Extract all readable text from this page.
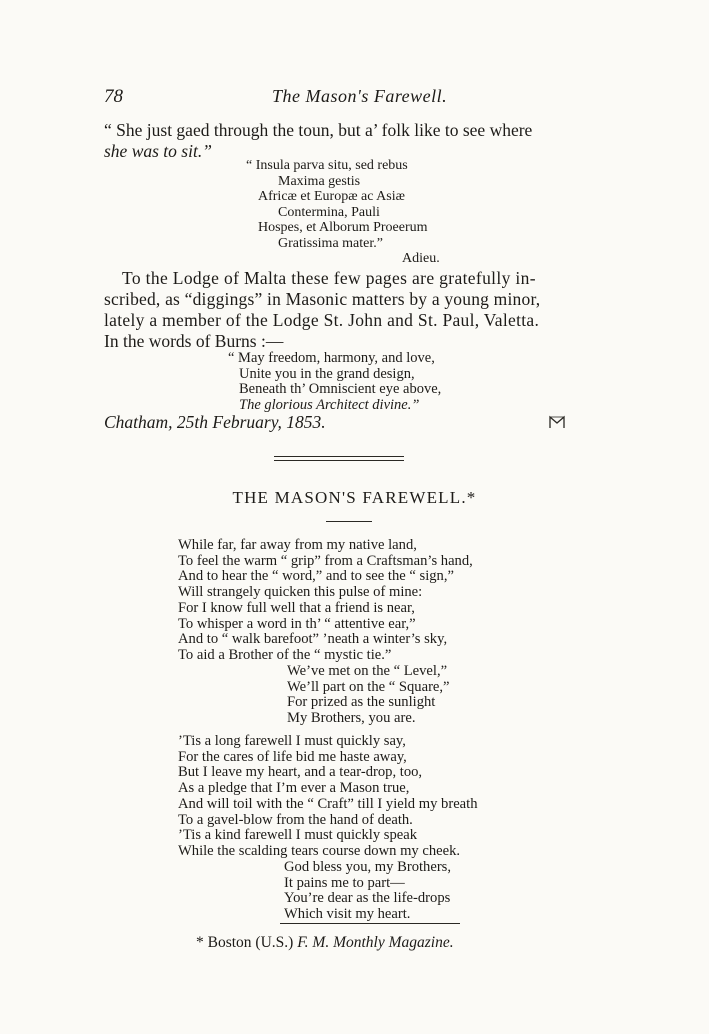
78	The Mason's Farewell.
“ She just gaed through the toun, but a’ folk like to see where
she was to sit.”
“ Insula parva situ, sed rebus
Maxima gestis
Africæ et Europæ ac Asiæ
Contermina, Pauli
Hospes, et Alborum Proeerum
Gratissima mater.”
Adieu.
To the Lodge of Malta these few pages are gratefully in-
scribed, as “diggings” in Masonic matters by a young minor,
lately a member of the Lodge St. John and St. Paul, Valetta.
In the words of Burns :—
“ May freedom, harmony, and love,
Unite you in the grand design,
Beneath th’ Omniscient eye above,
The glorious Architect divine.”
Chatham, 25th February, 1853.
THE MASON'S FAREWELL.*
While far, far away from my native land,
To feel the warm “ grip” from a Craftsman’s hand,
And to hear the “ word,” and to see the “ sign,”
Will strangely quicken this pulse of mine:
For I know full well that a friend is near,
To whisper a word in th’ “ attentive ear,”
And to “ walk barefoot” ’neath a winter’s sky,
To aid a Brother of the “ mystic tie.”
We’ve met on the “ Level,”
We’ll part on the “ Square,”
For prized as the sunlight
My Brothers, you are.
’Tis a long farewell I must quickly say,
For the cares of life bid me haste away,
But I leave my heart, and a tear-drop, too,
As a pledge that I’m ever a Mason true,
And will toil with the “ Craft” till I yield my breath
To a gavel-blow from the hand of death.
’Tis a kind farewell I must quickly speak
While the scalding tears course down my cheek.
God bless you, my Brothers,
It pains me to part—
You’re dear as the life-drops
Which visit my heart.
* Boston (U.S.) F. M. Monthly Magazine.
